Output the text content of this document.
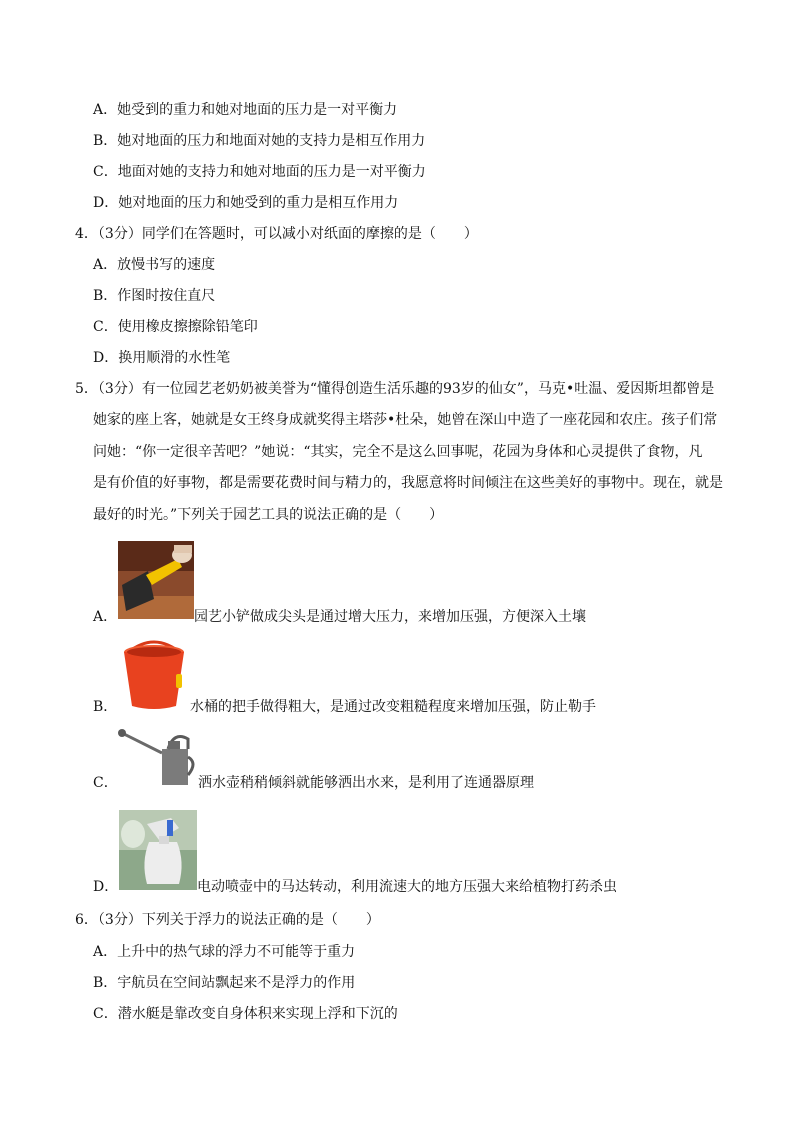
A．她受到的重力和她对地面的压力是一对平衡力
B．她对地面的压力和地面对她的支持力是相互作用力
C．地面对她的支持力和她对地面的压力是一对平衡力
D．她对地面的压力和她受到的重力是相互作用力
4．（3分）同学们在答题时，可以减小对纸面的摩擦的是（　　）
A．放慢书写的速度
B．作图时按住直尺
C．使用橡皮擦擦除铅笔印
D．换用顺滑的水性笔
5．（3分）有一位园艺老奶奶被美誉为“懂得创造生活乐趣的93岁的仙女”，马克•吐温、爱因斯坦都曾是
她家的座上客，她就是女王终身成就奖得主塔莎•杜朵，她曾在深山中造了一座花园和农庄。孩子们常
问她：“你一定很辛苦吧？”她说：“其实，完全不是这么回事呢，花园为身体和心灵提供了食物，凡
是有价值的好事物，都是需要花费时间与精力的，我愿意将时间倾注在这些美好的事物中。现在，就是
最好的时光。”下列关于园艺工具的说法正确的是（　　）
A．	园艺小铲做成尖头是通过增大压力，来增加压强，方便深入土壤
B．	水桶的把手做得粗大，是通过改变粗糙程度来增加压强，防止勒手
C．	洒水壶稍稍倾斜就能够洒出水来，是利用了连通器原理
D．	电动喷壶中的马达转动，利用流速大的地方压强大来给植物打药杀虫
6．（3分）下列关于浮力的说法正确的是（　　）
A．上升中的热气球的浮力不可能等于重力
B．宇航员在空间站飘起来不是浮力的作用
C．潜水艇是靠改变自身体积来实现上浮和下沉的
